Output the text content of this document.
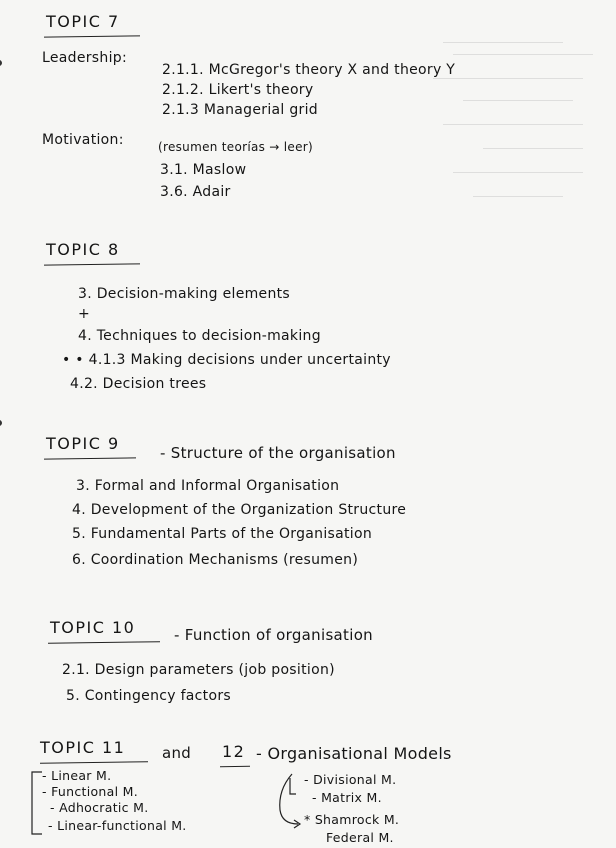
TOPIC 7
Leadership:
2.1.1. McGregor's theory X and theory Y
2.1.2. Likert's theory
2.1.3 Managerial grid
Motivation:	(resumen teorías → leer)
3.1. Maslow
3.6. Adair
TOPIC 8
3. Decision-making elements
+
4. Techniques to decision-making
• • 4.1.3 Making decisions under uncertainty
4.2. Decision trees
TOPIC 9	- Structure of the organisation
3. Formal and Informal Organisation
4. Development of the Organization Structure
5. Fundamental Parts of the Organisation
6. Coordination Mechanisms (resumen)
TOPIC 10	- Function of organisation
2.1. Design parameters (job position)
5. Contingency factors
TOPIC 11 and 12 - Organisational Models
- Linear M.
- Functional M.
- Adhocratic M.
- Linear-functional M.
- Divisional M.
- Matrix M.
* Shamrock M.
Federal M.
